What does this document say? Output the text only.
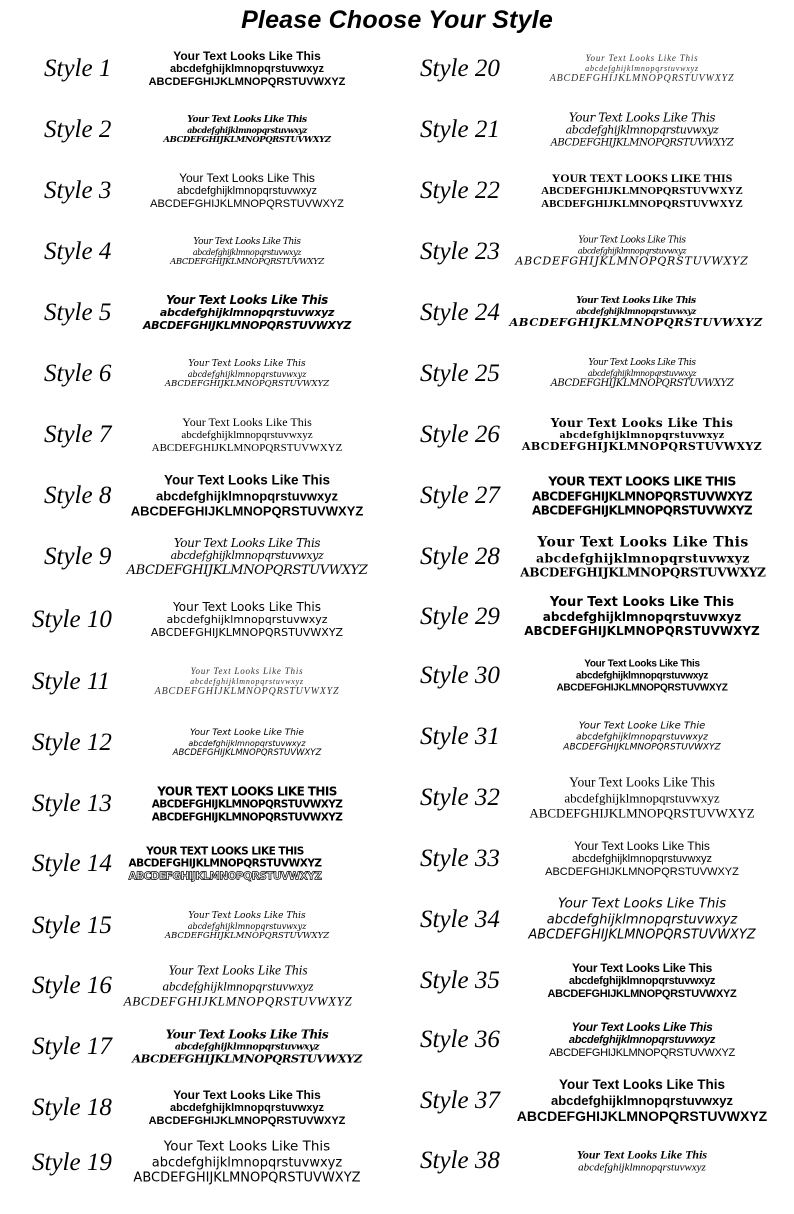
Please Choose Your Style
Style 1	Your Text Looks Like This
abcdefghijklmnopqrstuvwxyz
ABCDEFGHIJKLMNOPQRSTUVWXYZ
Style 2	Your Text Looks Like This
abcdefghijklmnopqrstuvwxyz
ABCDEFGHIJKLMNOPQRSTUVWXYZ
Style 3	Your Text Looks Like This
abcdefghijklmnopqrstuvwxyz
ABCDEFGHIJKLMNOPQRSTUVWXYZ
Style 4	Your Text Looks Like This
abcdefghijklmnopqrstuvwxyz
ABCDEFGHIJKLMNOPQRSTUVWXYZ
Style 5	Your Text Looks Like This
abcdefghijklmnopqrstuvwxyz
ABCDEFGHIJKLMNOPQRSTUVWXYZ
Style 6	Your Text Looks Like This
abcdefghijklmnopqrstuvwxyz
ABCDEFGHIJKLMNOPQRSTUVWXYZ
Style 7	Your Text Looks Like This
abcdefghijklmnopqrstuvwxyz
ABCDEFGHIJKLMNOPQRSTUVWXYZ
Style 8
Your Text Looks Like This
abcdefghijklmnopqrstuvwxyz
ABCDEFGHIJKLMNOPQRSTUVWXYZ
Style 9
Your Text Looks Like This
abcdefghijklmnopqrstuvwxyz
ABCDEFGHIJKLMNOPQRSTUVWXYZ
Style 10	Your Text Looks Like This
abcdefghijklmnopqrstuvwxyz
ABCDEFGHIJKLMNOPQRSTUVWXYZ
Style 11	Your Text Looks Like This
abcdefghijklmnopqrstuvwxyz
ABCDEFGHIJKLMNOPQRSTUVWXYZ
Style 12	Your Text Looke Like Thie
abcdefghijklmnopqrstuvwxyz
ABCDEFGHIJKLMNOPQRSTUVWXYZ
Style 13	YOUR TEXT LOOKS LIKE THIS
ABCDEFGHIJKLMNOPQRSTUVWXYZ
ABCDEFGHIJKLMNOPQRSTUVWXYZ
Style 14	YOUR TEXT LOOKS LIKE THIS
ABCDEFGHIJKLMNOPQRSTUVWXYZ
ABCDEFGHIJKLMNOPQRSTUVWXYZ
Style 15	Your Text Looks Like This
abcdefghijklmnopqrstuvwxyz
ABCDEFGHIJKLMNOPQRSTUVWXYZ
Style 16
Your Text Looks Like This
abcdefghijklmnopqrstuvwxyz
ABCDEFGHIJKLMNOPQRSTUVWXYZ
Style 17	Your Text Looks Like This
abcdefghijklmnopqrstuvwxyz
ABCDEFGHIJKLMNOPQRSTUVWXYZ
Style 18	Your Text Looks Like This
abcdefghijklmnopqrstuvwxyz
ABCDEFGHIJKLMNOPQRSTUVWXYZ
Style 19
Your Text Looks Like This
abcdefghijklmnopqrstuvwxyz
ABCDEFGHIJKLMNOPQRSTUVWXYZ
Style 20	Your Text Looks Like This
abcdefghijklmnopqrstuvwxyz
ABCDEFGHIJKLMNOPQRSTUVWXYZ
Style 21	Your Text Looks Like This
abcdefghijklmnopqrstuvwxyz
ABCDEFGHIJKLMNOPQRSTUVWXYZ
Style 22	YOUR TEXT LOOKS LIKE THIS
ABCDEFGHIJKLMNOPQRSTUVWXYZ
ABCDEFGHIJKLMNOPQRSTUVWXYZ
Style 23	Your Text Looks Like This
abcdefghijklmnopqrstuvwxyz
ABCDEFGHIJKLMNOPQRSTUVWXYZ
Style 24	Your Text Looks Like This
abcdefghijklmnopqrstuvwxyz
ABCDEFGHIJKLMNOPQRSTUVWXYZ
Style 25	Your Text Looks Like This
abcdefghijklmnopqrstuvwxyz
ABCDEFGHIJKLMNOPQRSTUVWXYZ
Style 26	Your Text Looks Like This
abcdefghijklmnopqrstuvwxyz
ABCDEFGHIJKLMNOPQRSTUVWXYZ
Style 27
YOUR TEXT LOOKS LIKE THIS
ABCDEFGHIJKLMNOPQRSTUVWXYZ
ABCDEFGHIJKLMNOPQRSTUVWXYZ
Style 28
Your Text Looks Like This
abcdefghijklmnopqrstuvwxyz
ABCDEFGHIJKLMNOPQRSTUVWXYZ
Style 29
Your Text Looks Like This
abcdefghijklmnopqrstuvwxyz
ABCDEFGHIJKLMNOPQRSTUVWXYZ
Style 30	Your Text Looks Like This
abcdefghijklmnopqrstuvwxyz
ABCDEFGHIJKLMNOPQRSTUVWXYZ
Style 31	Your Text Looke Like Thie
abcdefghijklmnopqrstuvwxyz
ABCDEFGHIJKLMNOPQRSTUVWXYZ
Style 32
Your Text Looks Like This
abcdefghijklmnopqrstuvwxyz
ABCDEFGHIJKLMNOPQRSTUVWXYZ
Style 33	Your Text Looks Like This
abcdefghijklmnopqrstuvwxyz
ABCDEFGHIJKLMNOPQRSTUVWXYZ
Style 34
Your Text Looks Like This
abcdefghijklmnopqrstuvwxyz
ABCDEFGHIJKLMNOPQRSTUVWXYZ
Style 35	Your Text Looks Like This
abcdefghijklmnopqrstuvwxyz
ABCDEFGHIJKLMNOPQRSTUVWXYZ
Style 36	Your Text Looks Like This
abcdefghijklmnopqrstuvwxyz
ABCDEFGHIJKLMNOPQRSTUVWXYZ
Style 37
Your Text Looks Like This
abcdefghijklmnopqrstuvwxyz
ABCDEFGHIJKLMNOPQRSTUVWXYZ
Style 38	Your Text Looks Like This
abcdefghijklmnopqrstuvwxyz
